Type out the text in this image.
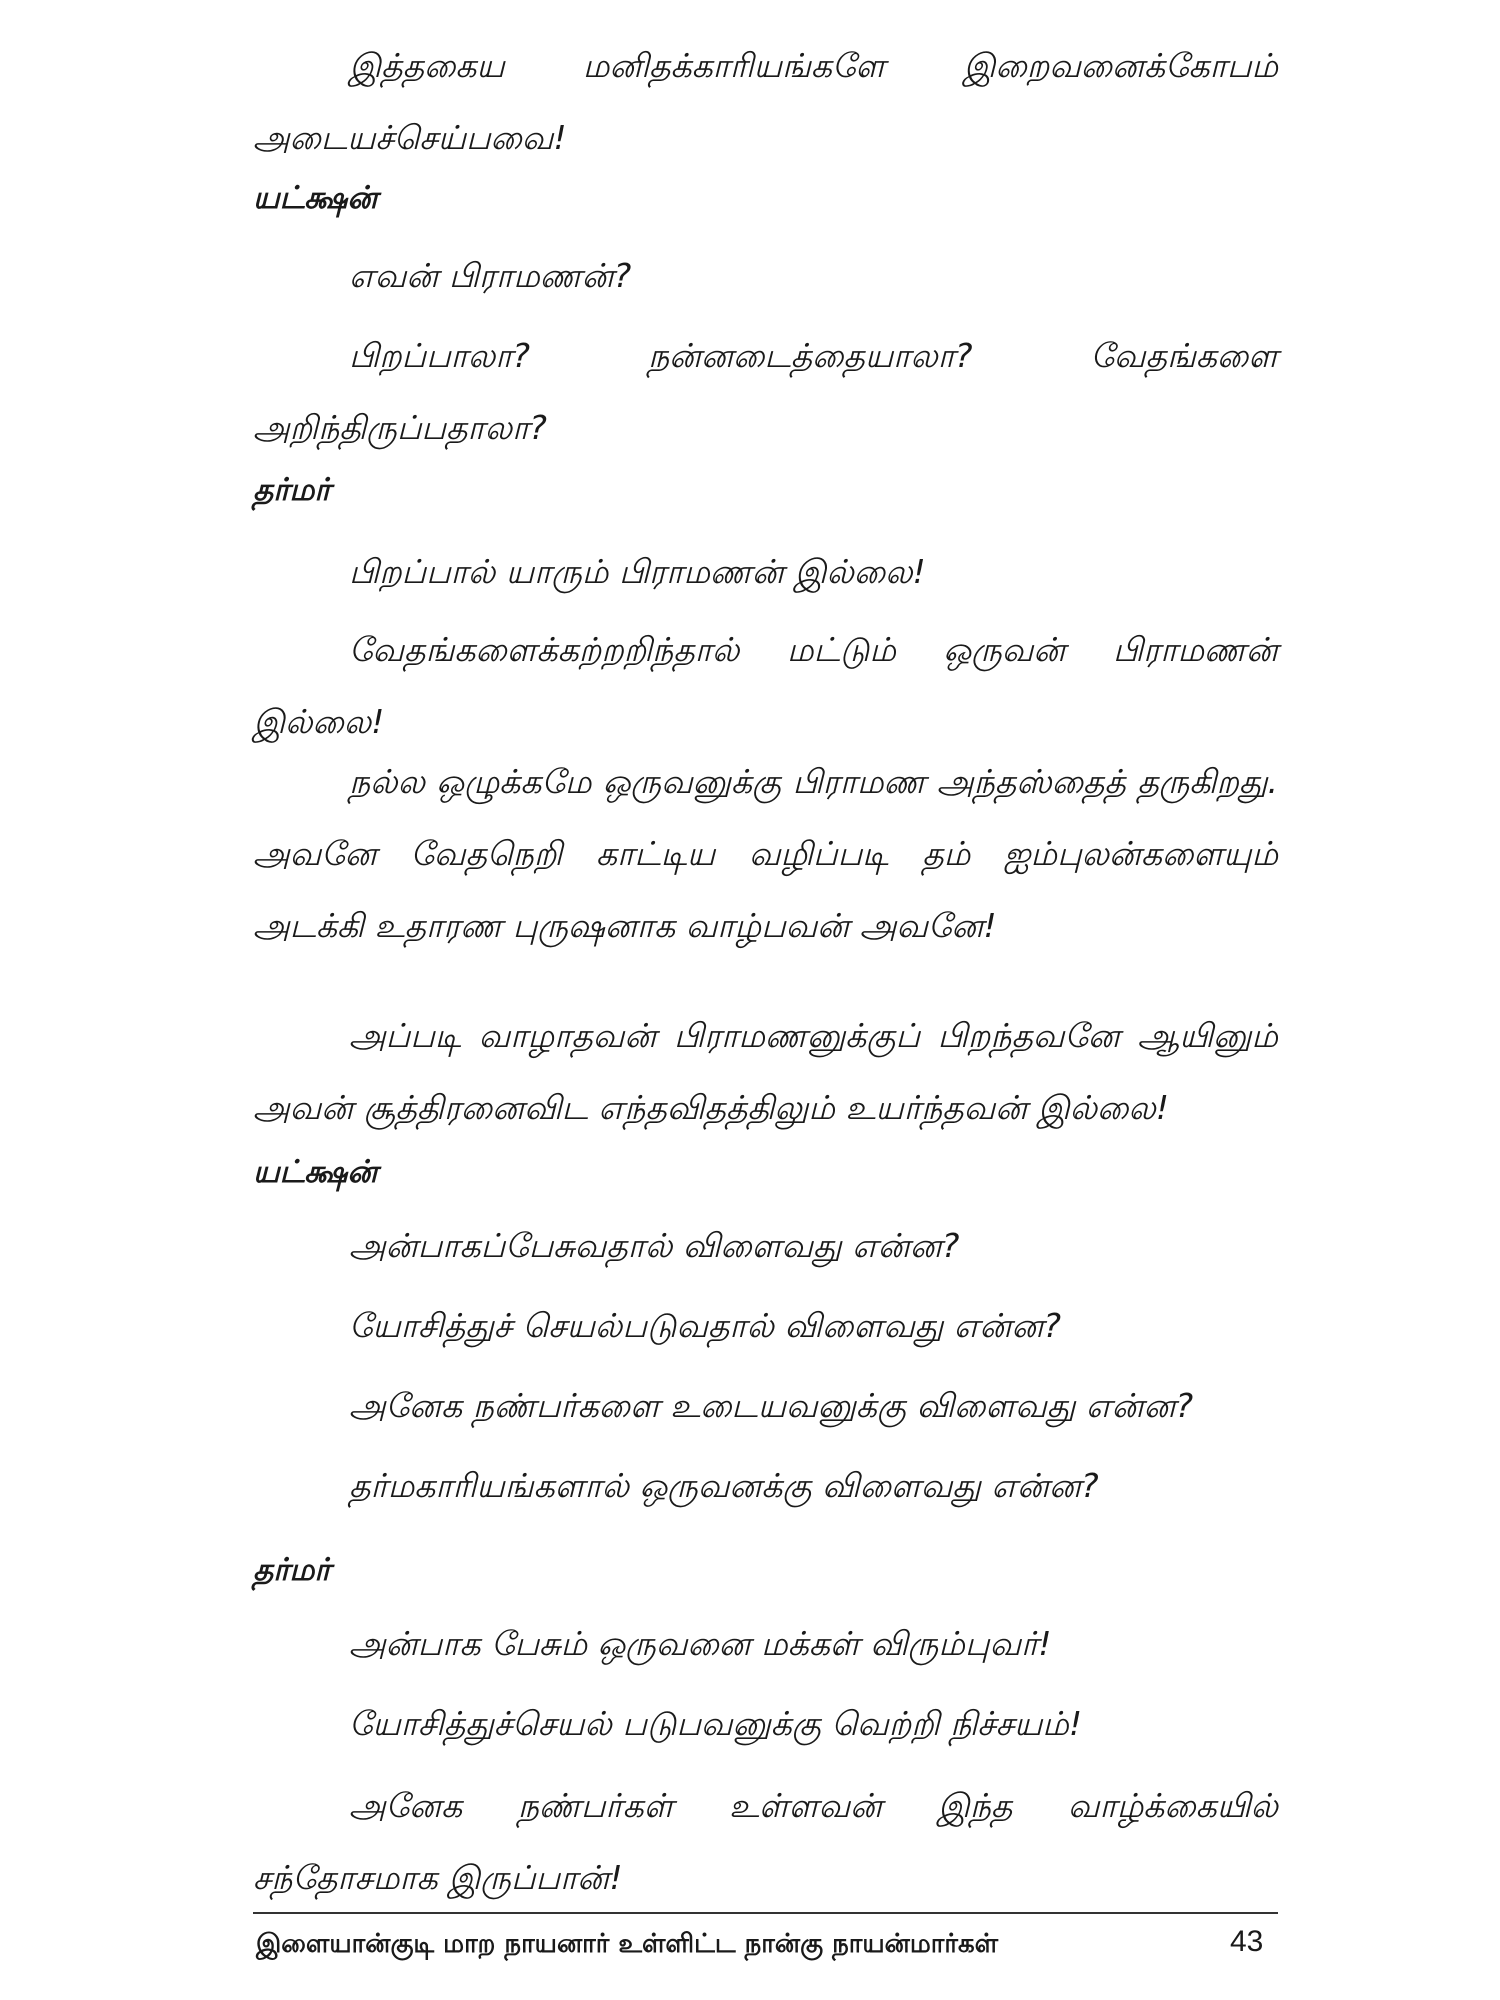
இத்தகைய மனிதக்காரியங்களே இறைவனைக்கோபம் அடையச்செய்பவை!

யட்க்ஷன்

எவன் பிராமணன்?

பிறப்பாலா? நன்னடைத்தையாலா? வேதங்களை அறிந்திருப்பதாலா?

தர்மர்

பிறப்பால் யாரும் பிராமணன் இல்லை!

வேதங்களைக்கற்றறிந்தால் மட்டும் ஒருவன் பிராமணன் இல்லை!

நல்ல ஒழுக்கமே ஒருவனுக்கு பிராமண அந்தஸ்தைத் தருகிறது. அவனே வேதநெறி காட்டிய வழிப்படி தம் ஐம்புலன்களையும் அடக்கி உதாரண புருஷனாக வாழ்பவன் அவனே!

அப்படி வாழாதவன் பிராமணனுக்குப் பிறந்தவனே ஆயினும் அவன் சூத்திரனைவிட எந்தவிதத்திலும் உயர்ந்தவன் இல்லை!

யட்க்ஷன்

அன்பாகப்பேசுவதால் விளைவது என்ன?

யோசித்துச் செயல்படுவதால் விளைவது என்ன?

அனேக நண்பர்களை உடையவனுக்கு விளைவது என்ன?

தர்மகாரியங்களால் ஒருவனக்கு விளைவது என்ன?

தர்மர்

அன்பாக பேசும் ஒருவனை மக்கள் விரும்புவர்!

யோசித்துச்செயல் படுபவனுக்கு வெற்றி நிச்சயம்!

அனேக நண்பர்கள் உள்ளவன் இந்த வாழ்க்கையில் சந்தோசமாக இருப்பான்!

இளையான்குடி மாற நாயனார் உள்ளிட்ட நான்கு நாயன்மார்கள்	43
